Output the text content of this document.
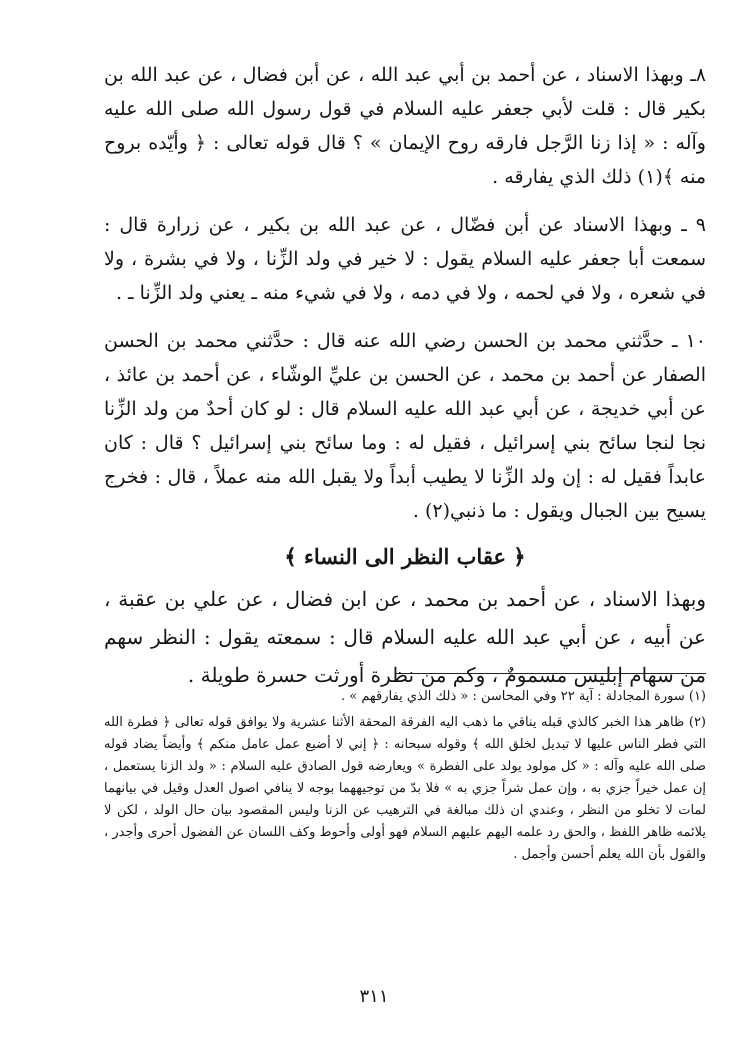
٨ـ وبهذا الاسناد ، عن أحمد بن أبي عبد الله ، عن أبن فضال ، عن عبد الله بن بكير قال : قلت لأبي جعفر عليه السلام في قول رسول الله صلى الله عليه وآله : « إذا زنا الرَّجل فارقه روح الإيمان » ؟ قال قوله تعالى : ﴿ وأيّده بروح منه ﴾(١) ذلك الذي يفارقه .

٩ ـ وبهذا الاسناد عن أبن فضّال ، عن عبد الله بن بكير ، عن زرارة قال : سمعت أبا جعفر عليه السلام يقول : لا خير في ولد الزِّنا ، ولا في بشرة ، ولا في شعره ، ولا في لحمه ، ولا في دمه ، ولا في شيء منه ـ يعني ولد الزِّنا ـ .

١٠ ـ حدَّثني محمد بن الحسن رضي الله عنه قال : حدَّثني محمد بن الحسن الصفار عن أحمد بن محمد ، عن الحسن بن عليِّ الوشّاء ، عن أحمد بن عائذ ، عن أبي خديجة ، عن أبي عبد الله عليه السلام قال : لو كان أحدٌ من ولد الزِّنا نجا لنجا سائح بني إسرائيل ، فقيل له : وما سائح بني إسرائيل ؟ قال : كان عابداً فقيل له : إن ولد الزِّنا لا يطيب أبداً ولا يقبل الله منه عملاً ، قال : فخرج يسيح بين الجبال ويقول : ما ذنبي(٢) .

﴿ عقاب النظر الى النساء ﴾

وبهذا الاسناد ، عن أحمد بن محمد ، عن ابن فضال ، عن علي بن عقبة ، عن أبيه ، عن أبي عبد الله عليه السلام قال : سمعته يقول : النظر سهم من سهام إبليس مسمومٌ ، وكم من نظرة أورثت حسرة طويلة .

(١) سورة المجادلة : آية ٢٢ وفي المحاسن : « ذلك الذي يفارقهم » .

(٢) ظاهر هذا الخبر كالذي قبله يناقي ما ذهب اليه الفرقة المحقة الأثنا عشرية ولا يوافق قوله تعالى ﴿ فطرة الله التي فطر الناس عليها لا تبديل لخلق الله ﴾ وقوله سبحانه : ﴿ إني لا أضيع عمل عامل منكم ﴾ وأيضاً يضاد قوله صلى الله عليه وآله : « كل مولود يولد على الفطرة » ويعارضه قول الصادق عليه السلام : « ولد الزنا يستعمل ، إن عمل خيراً جزي به ، وإن عمل شراً جزي به » فلا بدّ من توجيههما بوجه لا ينافي اصول العدل وقيل في بيانهما لمات لا تخلو من النظر ، وعندي ان ذلك مبالغة في الترهيب عن الزنا وليس المقصود بيان حال الولد ، لكن لا يلائمه ظاهر اللفظ ، والحق رد علمه اليهم عليهم السلام فهو أولى وأحوط وكف اللسان عن الفضول أحرى وأجدر ، والقول بأن الله يعلم أحسن وأجمل .

٣١١
